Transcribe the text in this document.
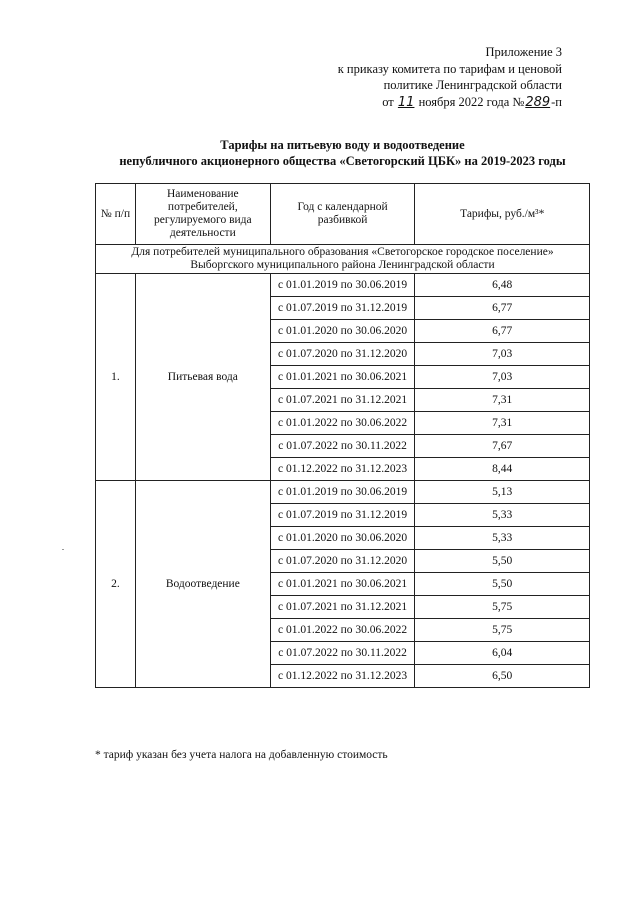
Приложение 3
к приказу комитета по тарифам и ценовой
политике Ленинградской области
от 11 ноября 2022 года №289-п
Тарифы на питьевую воду и водоотведение
непубличного акционерного общества «Светогорский ЦБК» на 2019-2023 годы
№ п/п	Наименование потребителей, регулируемого вида деятельности	Год с календарной разбивкой	Тарифы, руб./м³*
Для потребителей муниципального образования «Светогорское городское поселение» Выборгского муниципального района Ленинградской области			
1.	Питьевая вода	с 01.01.2019 по 30.06.2019	6,48
		с 01.07.2019 по 31.12.2019	6,77
		с 01.01.2020 по 30.06.2020	6,77
		с 01.07.2020 по 31.12.2020	7,03
		с 01.01.2021 по 30.06.2021	7,03
		с 01.07.2021 по 31.12.2021	7,31
		с 01.01.2022 по 30.06.2022	7,31
		с 01.07.2022 по 30.11.2022	7,67
		с 01.12.2022 по 31.12.2023	8,44
2.	Водоотведение	с 01.01.2019 по 30.06.2019	5,13
		с 01.07.2019 по 31.12.2019	5,33
		с 01.01.2020 по 30.06.2020	5,33
		с 01.07.2020 по 31.12.2020	5,50
		с 01.01.2021 по 30.06.2021	5,50
		с 01.07.2021 по 31.12.2021	5,75
		с 01.01.2022 по 30.06.2022	5,75
		с 01.07.2022 по 30.11.2022	6,04
		с 01.12.2022 по 31.12.2023	6,50
* тариф указан без учета налога на добавленную стоимость
